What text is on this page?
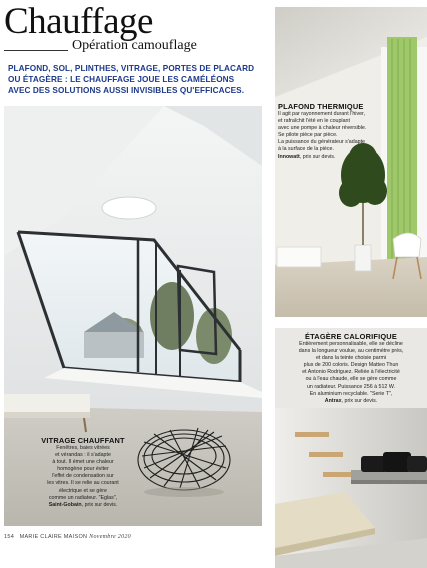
Chauffage
Opération camouflage
PLAFOND, SOL, PLINTHES, VITRAGE, PORTES DE PLACARD OU ÉTAGÈRE : LE CHAUFFAGE JOUE LES CAMÉLÉONS AVEC DES SOLUTIONS AUSSI INVISIBLES QU'EFFICACES.
PLAFOND THERMIQUE
Il agit par rayonnement durant l'hiver,
et rafraîchit l'été en le couplant
avec une pompe à chaleur réversible.
Se pilote pièce par pièce.
La puissance du générateur s'adapte
à la surface de la pièce.
Innowatt, prix sur devis.
ÉTAGÈRE CALORIFIQUE
Entièrement personnalisable, elle se décline
dans la longueur voulue, au centimètre près,
et dans la teinte choisie parmi
plus de 200 coloris. Design Matteo Thun
et Antonio Rodriguez. Reliée à l'électricité
ou à l'eau chaude, elle se gère comme
un radiateur. Puissance 256 à 512 W.
En aluminium recyclable. "Serie T",
Antrax, prix sur devis.
VITRAGE CHAUFFANT
Fenêtres, baies vitrées
et vérandas : il s'adapte
à tout. Il émet une chaleur
homogène pour éviter
l'effet de condensation sur
les vitres. Il se relie au courant
électrique et se gère
comme un radiateur. "Eglas",
Saint-Gobain, prix sur devis.
154 MARIE CLAIRE MAISON Novembre 2020
